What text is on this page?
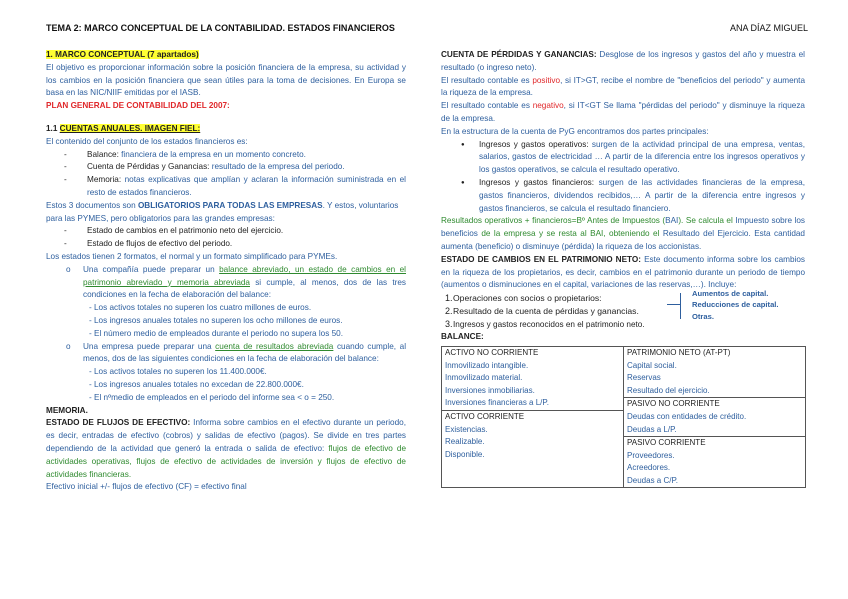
TEMA 2: MARCO CONCEPTUAL DE LA CONTABILIDAD. ESTADOS FINANCIEROS	ANA DÍAZ MIGUEL

1. MARCO CONCEPTUAL (7 apartados)

El objetivo es proporcionar información sobre la posición financiera de la empresa, su actividad y los cambios en la posición financiera que sean útiles para la toma de decisiones. En Europa se basa en las NIC/NIIF emitidas por el IASB.

PLAN GENERAL DE CONTABILIDAD DEL 2007:

1.1 CUENTAS ANUALES. IMAGEN FIEL:

El contenido del conjunto de los estados financieros es:

- Balance: financiera de la empresa en un momento concreto.
- Cuenta de Pérdidas y Ganancias: resultado de la empresa del periodo.
- Memoria: notas explicativas que amplían y aclaran la información suministrada en el resto de estados financieros.

Estos 3 documentos son OBLIGATORIOS PARA TODAS LAS EMPRESAS. Y estos, voluntarios para las PYMES, pero obligatorios para las grandes empresas:

- Estado de cambios en el patrimonio neto del ejercicio.
- Estado de flujos de efectivo del periodo.

Los estados tienen 2 formatos, el normal y un formato simplificado para PYMEs.

o Una compañía puede preparar un balance abreviado, un estado de cambios en el patrimonio abreviado y memoria abreviada si cumple, al menos, dos de las tres condiciones en la fecha de elaboración del balance:
- Los activos totales no superen los cuatro millones de euros.
- Los ingresos anuales totales no superen los ocho millones de euros.
- El número medio de empleados durante el periodo no supera los 50.
o Una empresa puede preparar una cuenta de resultados abreviada cuando cumple, al menos, dos de las siguientes condiciones en la fecha de elaboración del balance:
- Los activos totales no superen los 11.400.000€.
- Los ingresos anuales totales no excedan de 22.800.000€.
- El nºmedio de empleados en el periodo del informe sea < o = 250.

MEMORIA.

ESTADO DE FLUJOS DE EFECTIVO: Informa sobre cambios en el efectivo durante un periodo, es decir, entradas de efectivo (cobros) y salidas de efectivo (pagos). Se divide en tres partes dependiendo de la actividad que generó la entrada o salida de efectivo: flujos de efectivo de actividades operativas, flujos de efectivo de actividades de inversión y flujos de efectivo de actividades financieras.

Efectivo inicial +/- flujos de efectivo (CF) = efectivo final

CUENTA DE PÉRDIDAS Y GANANCIAS: Desglose de los ingresos y gastos del año y muestra el resultado (o ingreso neto).

El resultado contable es positivo, si IT>GT, recibe el nombre de "beneficios del periodo" y aumenta la riqueza de la empresa.

El resultado contable es negativo, si IT<GT Se llama "pérdidas del periodo" y disminuye la riqueza de la empresa.

En la estructura de la cuenta de PyG encontramos dos partes principales:

● Ingresos y gastos operativos: surgen de la actividad principal de una empresa, ventas, salarios, gastos de electricidad … A partir de la diferencia entre los ingresos operativos y los gastos operativos, se calcula el resultado operativo.
● Ingresos y gastos financieros: surgen de las actividades financieras de la empresa, gastos financieros, dividendos recibidos,… A partir de la diferencia entre ingresos y gastos financieros, se calcula el resultado financiero.

Resultados operativos + financieros=Bº Antes de Impuestos (BAI). Se calcula el Impuesto sobre los beneficios de la empresa y se resta al BAI, obteniendo el Resultado del Ejercicio. Esta cantidad aumenta (beneficio) o disminuye (pérdida) la riqueza de los accionistas.

ESTADO DE CAMBIOS EN EL PATRIMONIO NETO: Este documento informa sobre los cambios en la riqueza de los propietarios, es decir, cambios en el patrimonio durante un periodo de tiempo (aumentos o disminuciones en el capital, variaciones de las reservas,…). Incluye:

1. Operaciones con socios o propietarios:
2. Resultado de la cuenta de pérdidas y ganancias.
3. Ingresos y gastos reconocidos en el patrimonio neto.
Aumentos de capital.
Reducciones de capital.
Otras.

BALANCE:

ACTIVO NO CORRIENTE
Inmovilizado intangible.
Inmovilizado material.
Inversiones inmobiliarias.
Inversiones financieras a L/P.

PATRIMONIO NETO (AT-PT)
Capital social.
Reservas
Resultado del ejercicio.

PASIVO NO CORRIENTE
Deudas con entidades de crédito.
Deudas a L/P.

ACTIVO CORRIENTE
Existencias.
Realizable.
Disponible.

PASIVO CORRIENTE
Proveedores.
Acreedores.
Deudas a C/P.
